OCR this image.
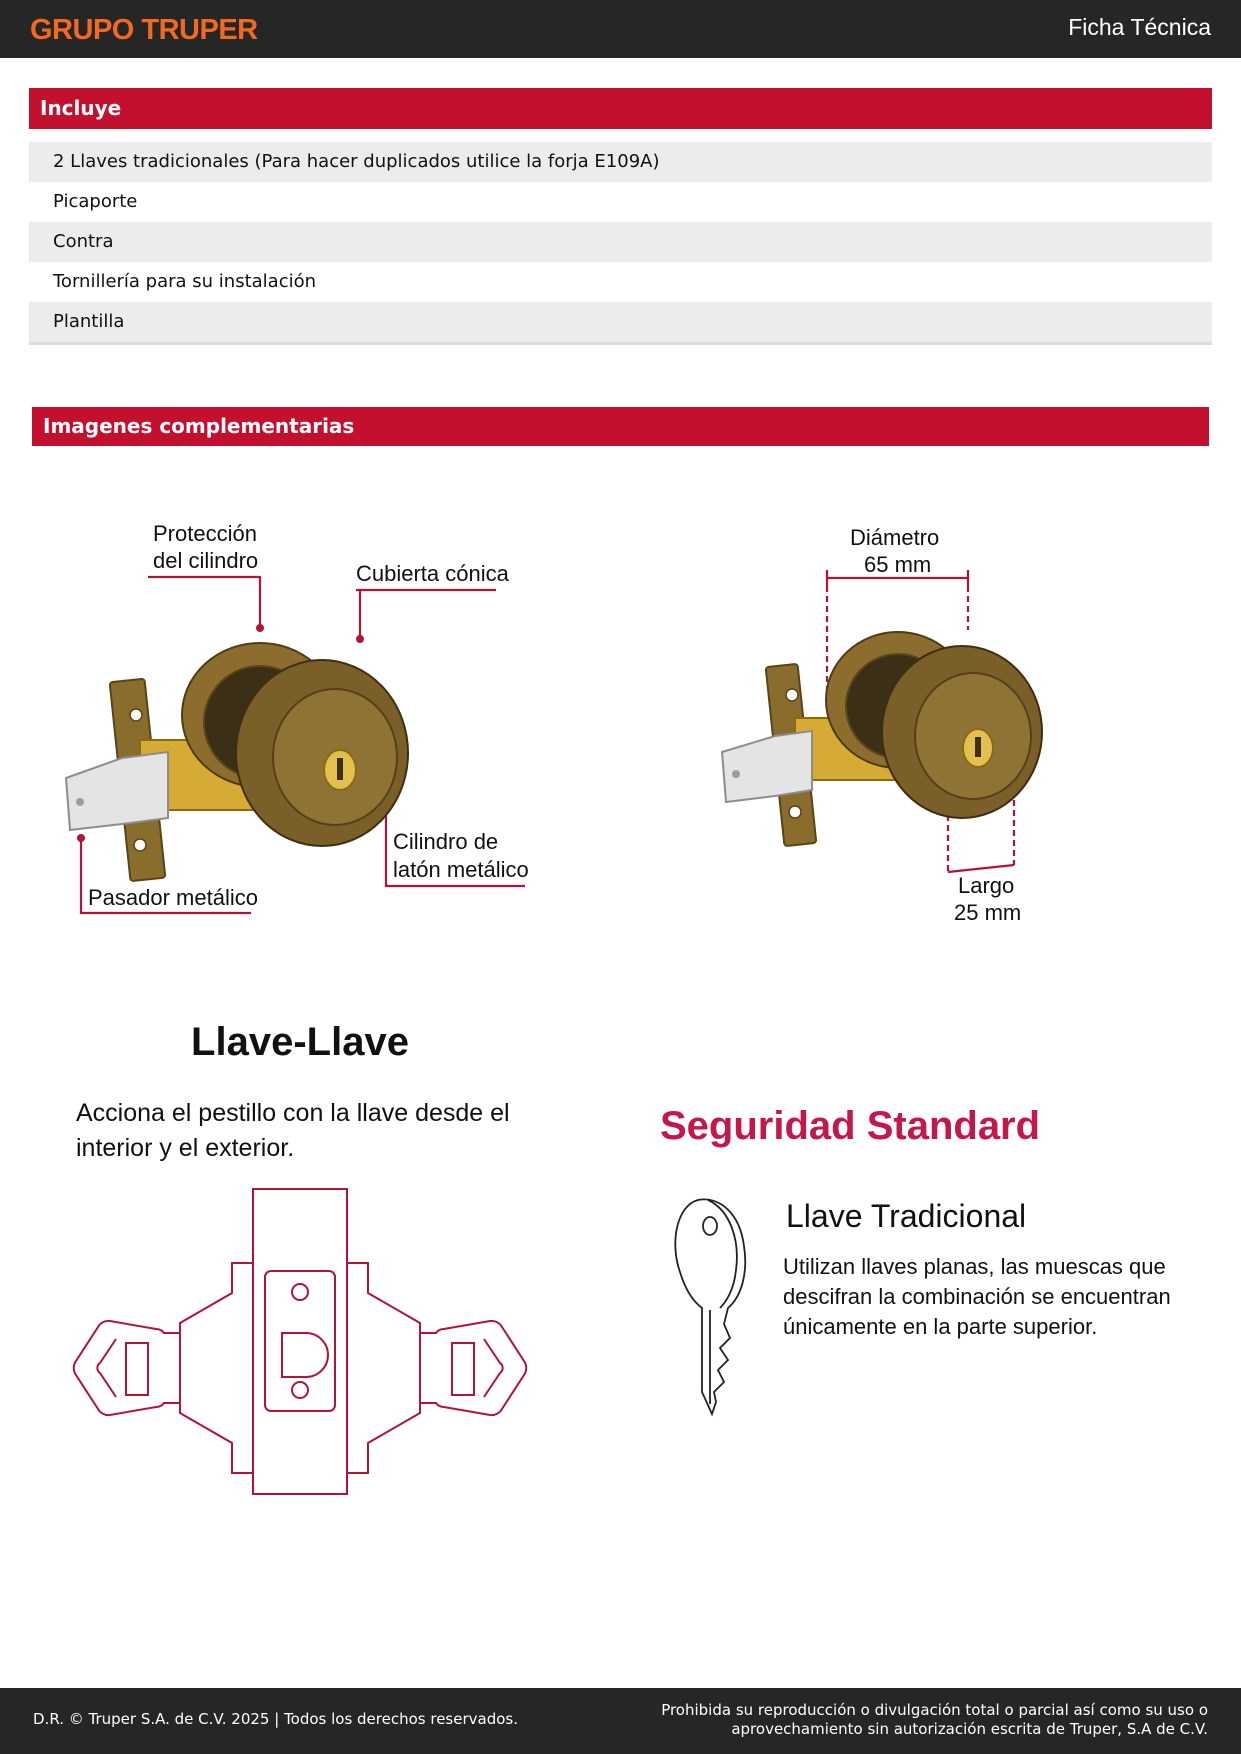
GRUPO TRUPER	Ficha Técnica
Incluye
2 Llaves tradicionales (Para hacer duplicados utilice la forja E109A)
Picaporte
Contra
Tornillería para su instalación
Plantilla
Imagenes complementarias
Protección
del cilindro
Cubierta cónica
Cilindro de
latón metálico
Pasador metálico
Diámetro
65 mm
Largo
25 mm
Llave-Llave
Acciona el pestillo con la llave desde el interior y el exterior.	Seguridad Standard
Llave Tradicional
Utilizan llaves planas, las muescas que descifran la combinación se encuentran únicamente en la parte superior.
D.R. © Truper S.A. de C.V. 2025 | Todos los derechos reservados.	Prohibida su reproducción o divulgación total o parcial así como su uso o aprovechamiento sin autorización escrita de Truper, S.A de C.V.
